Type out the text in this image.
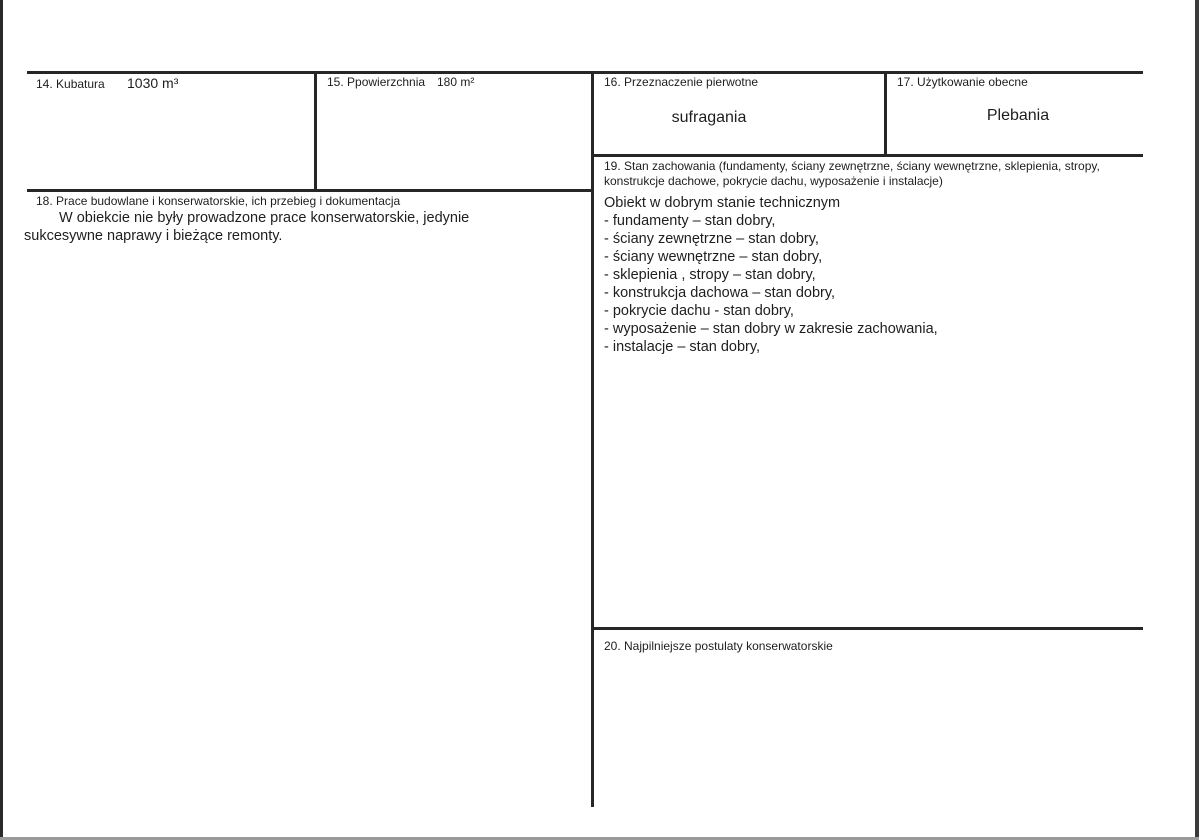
14. Kubatura 1030 m³	15. Ppowierzchnia 180 m²	16. Przeznaczenie pierwotne
sufragania
17. Użytkowanie obecne
Plebania
18. Prace budowlane i konserwatorskie, ich przebieg i dokumentacja
W obiekcie nie były prowadzone prace konserwatorskie, jedynie
sukcesywne naprawy i bieżące remonty.
19. Stan zachowania (fundamenty, ściany zewnętrzne, ściany wewnętrzne, sklepienia, stropy, konstrukcje dachowe, pokrycie dachu, wyposażenie i instalacje)
Obiekt w dobrym stanie technicznym
- fundamenty – stan dobry,
- ściany zewnętrzne – stan dobry,
- ściany wewnętrzne – stan dobry,
- sklepienia , stropy – stan dobry,
- konstrukcja dachowa – stan dobry,
- pokrycie dachu - stan dobry,
- wyposażenie – stan dobry w zakresie zachowania,
- instalacje – stan dobry,
20. Najpilniejsze postulaty konserwatorskie
